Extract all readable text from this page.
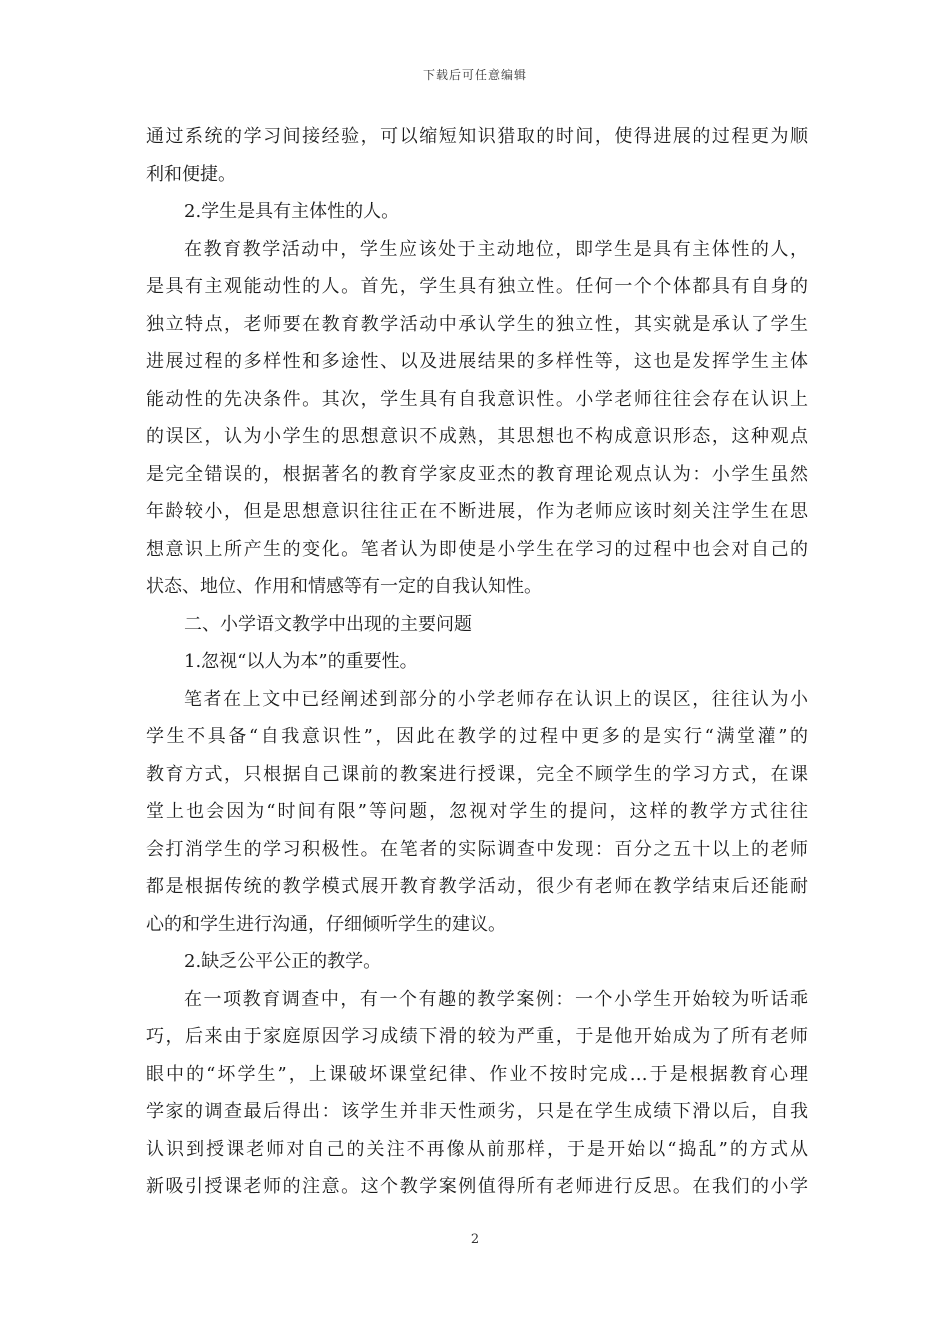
下载后可任意编辑
通过系统的学习间接经验，可以缩短知识猎取的时间，使得进展的过程更为顺
利和便捷。
2.学生是具有主体性的人。
在教育教学活动中，学生应该处于主动地位，即学生是具有主体性的人，
是具有主观能动性的人。首先，学生具有独立性。任何一个个体都具有自身的
独立特点，老师要在教育教学活动中承认学生的独立性，其实就是承认了学生
进展过程的多样性和多途性、以及进展结果的多样性等，这也是发挥学生主体
能动性的先决条件。其次，学生具有自我意识性。小学老师往往会存在认识上
的误区，认为小学生的思想意识不成熟，其思想也不构成意识形态，这种观点
是完全错误的，根据著名的教育学家皮亚杰的教育理论观点认为：小学生虽然
年龄较小，但是思想意识往往正在不断进展，作为老师应该时刻关注学生在思
想意识上所产生的变化。笔者认为即使是小学生在学习的过程中也会对自己的
状态、地位、作用和情感等有一定的自我认知性。
二、小学语文教学中出现的主要问题
1.忽视“以人为本”的重要性。
笔者在上文中已经阐述到部分的小学老师存在认识上的误区，往往认为小
学生不具备“自我意识性”，因此在教学的过程中更多的是实行“满堂灌”的
教育方式，只根据自己课前的教案进行授课，完全不顾学生的学习方式，在课
堂上也会因为“时间有限”等问题，忽视对学生的提问，这样的教学方式往往
会打消学生的学习积极性。在笔者的实际调查中发现：百分之五十以上的老师
都是根据传统的教学模式展开教育教学活动，很少有老师在教学结束后还能耐
心的和学生进行沟通，仔细倾听学生的建议。
2.缺乏公平公正的教学。
在一项教育调查中，有一个有趣的教学案例：一个小学生开始较为听话乖
巧，后来由于家庭原因学习成绩下滑的较为严重，于是他开始成为了所有老师
眼中的“坏学生”，上课破坏课堂纪律、作业不按时完成…于是根据教育心理
学家的调查最后得出：该学生并非天性顽劣，只是在学生成绩下滑以后，自我
认识到授课老师对自己的关注不再像从前那样，于是开始以“捣乱”的方式从
新吸引授课老师的注意。这个教学案例值得所有老师进行反思。在我们的小学
2
